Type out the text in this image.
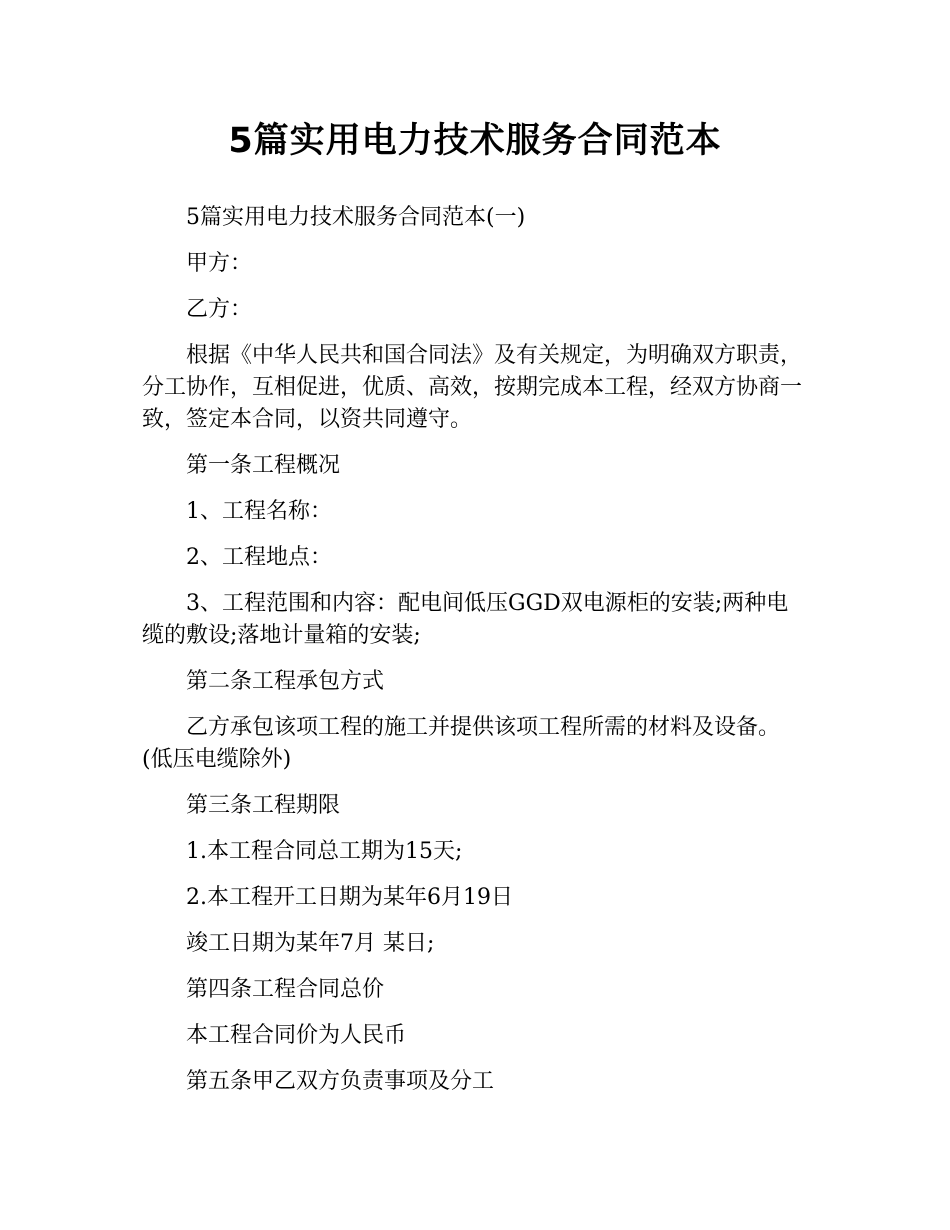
5篇实用电力技术服务合同范本

5篇实用电力技术服务合同范本(一)

甲方：

乙方：

根据《中华人民共和国合同法》及有关规定，为明确双方职责，分工协作，互相促进，优质、高效，按期完成本工程，经双方协商一致，签定本合同，以资共同遵守。

第一条工程概况

1、工程名称：

2、工程地点：

3、工程范围和内容：配电间低压GGD双电源柜的安装;两种电缆的敷设;落地计量箱的安装;

第二条工程承包方式

乙方承包该项工程的施工并提供该项工程所需的材料及设备。(低压电缆除外)

第三条工程期限

1.本工程合同总工期为15天;

2.本工程开工日期为某年6月19日

竣工日期为某年7月 某日;

第四条工程合同总价

本工程合同价为人民币

第五条甲乙双方负责事项及分工
